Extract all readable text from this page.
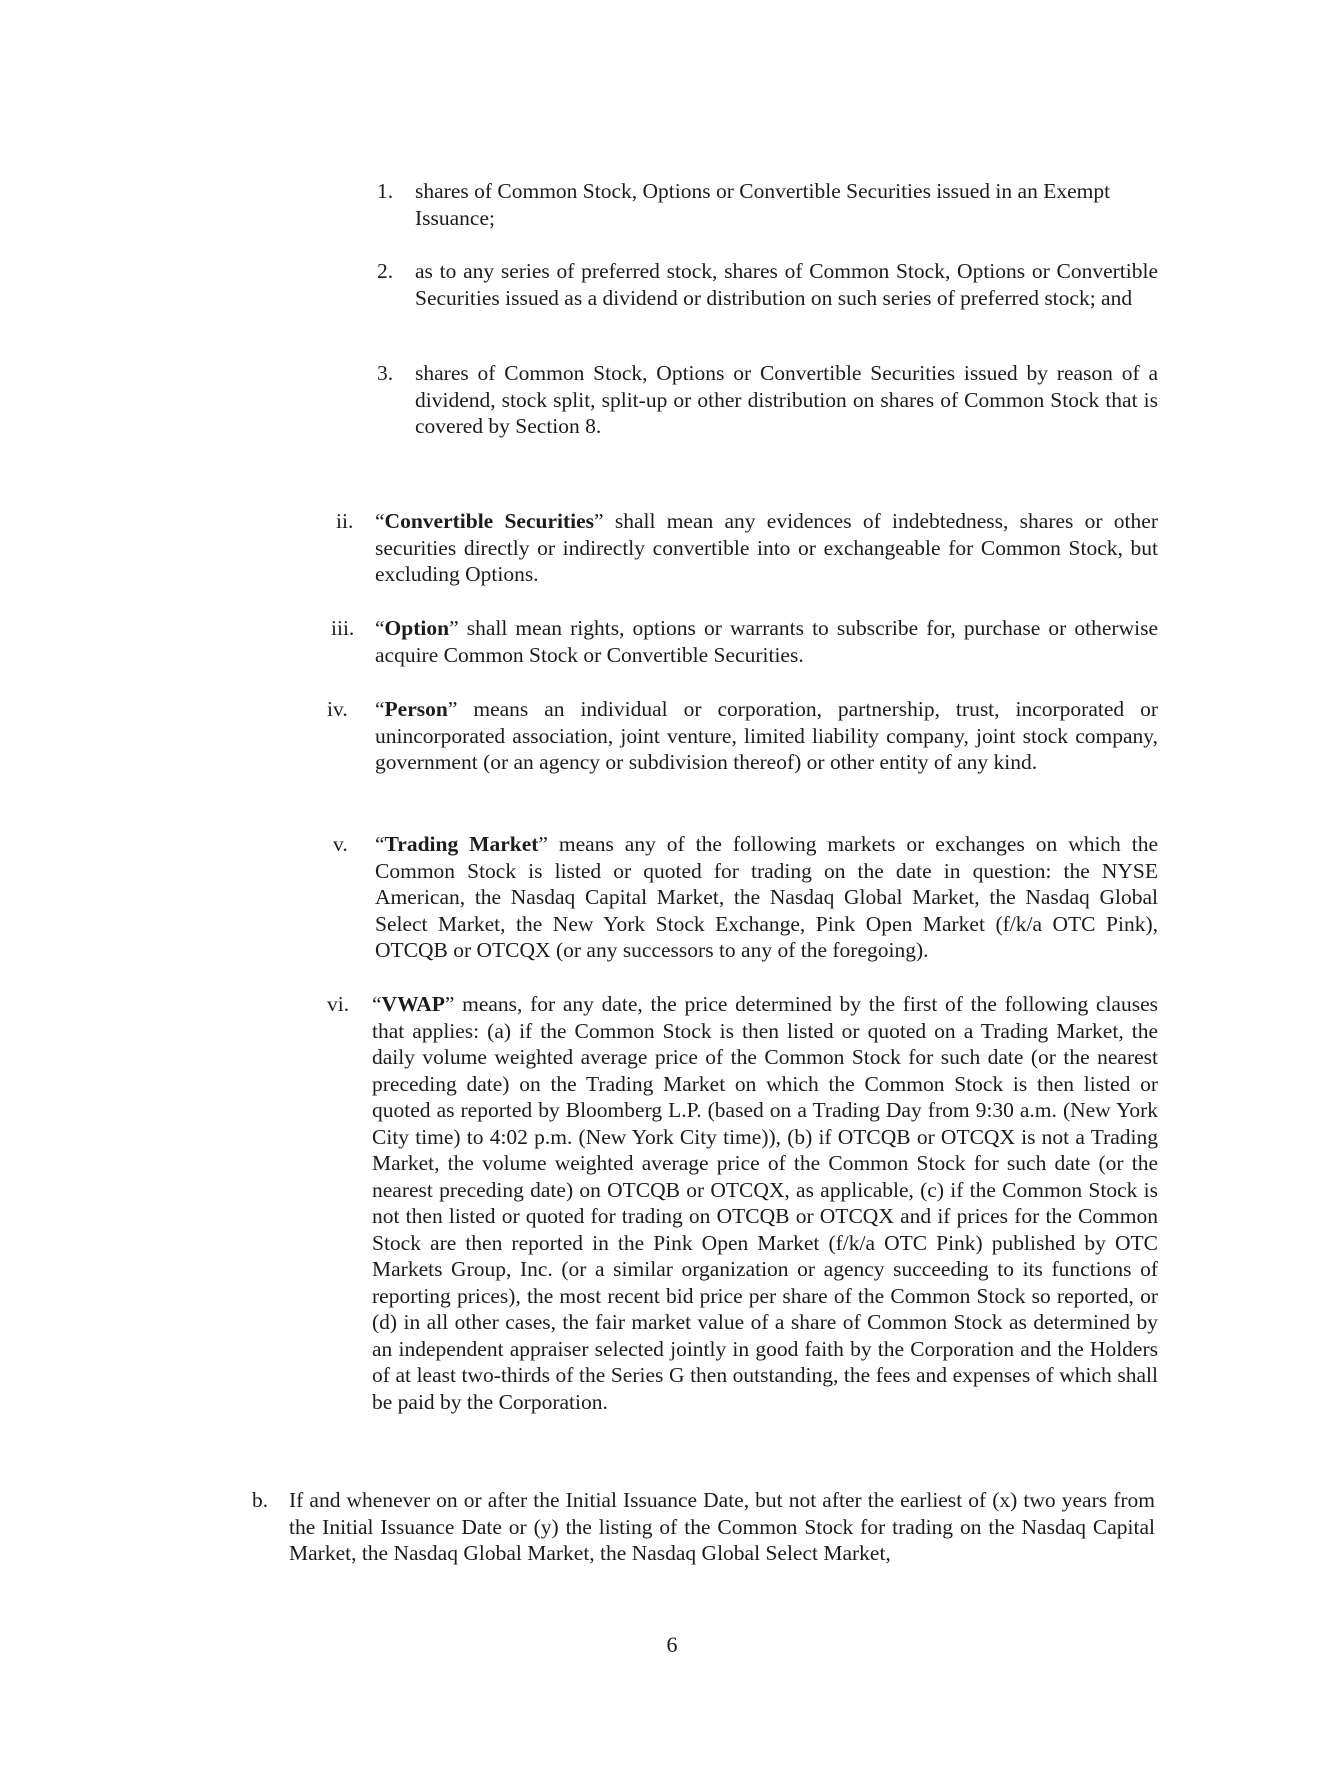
1. shares of Common Stock, Options or Convertible Securities issued in an Exempt Issuance;
2. as to any series of preferred stock, shares of Common Stock, Options or Convertible Securities issued as a dividend or distribution on such series of preferred stock; and
3. shares of Common Stock, Options or Convertible Securities issued by reason of a dividend, stock split, split-up or other distribution on shares of Common Stock that is covered by Section 8.
ii. “Convertible Securities” shall mean any evidences of indebtedness, shares or other securities directly or indirectly convertible into or exchangeable for Common Stock, but excluding Options.
iii. “Option” shall mean rights, options or warrants to subscribe for, purchase or otherwise acquire Common Stock or Convertible Securities.
iv. “Person” means an individual or corporation, partnership, trust, incorporated or unincorporated association, joint venture, limited liability company, joint stock company, government (or an agency or subdivision thereof) or other entity of any kind.
v. “Trading Market” means any of the following markets or exchanges on which the Common Stock is listed or quoted for trading on the date in question: the NYSE American, the Nasdaq Capital Market, the Nasdaq Global Market, the Nasdaq Global Select Market, the New York Stock Exchange, Pink Open Market (f/k/a OTC Pink), OTCQB or OTCQX (or any successors to any of the foregoing).
vi. “VWAP” means, for any date, the price determined by the first of the following clauses that applies: (a) if the Common Stock is then listed or quoted on a Trading Market, the daily volume weighted average price of the Common Stock for such date (or the nearest preceding date) on the Trading Market on which the Common Stock is then listed or quoted as reported by Bloomberg L.P. (based on a Trading Day from 9:30 a.m. (New York City time) to 4:02 p.m. (New York City time)), (b) if OTCQB or OTCQX is not a Trading Market, the volume weighted average price of the Common Stock for such date (or the nearest preceding date) on OTCQB or OTCQX, as applicable, (c) if the Common Stock is not then listed or quoted for trading on OTCQB or OTCQX and if prices for the Common Stock are then reported in the Pink Open Market (f/k/a OTC Pink) published by OTC Markets Group, Inc. (or a similar organization or agency succeeding to its functions of reporting prices), the most recent bid price per share of the Common Stock so reported, or (d) in all other cases, the fair market value of a share of Common Stock as determined by an independent appraiser selected jointly in good faith by the Corporation and the Holders of at least two-thirds of the Series G then outstanding, the fees and expenses of which shall be paid by the Corporation.
b. If and whenever on or after the Initial Issuance Date, but not after the earliest of (x) two years from the Initial Issuance Date or (y) the listing of the Common Stock for trading on the Nasdaq Capital Market, the Nasdaq Global Market, the Nasdaq Global Select Market,
6
